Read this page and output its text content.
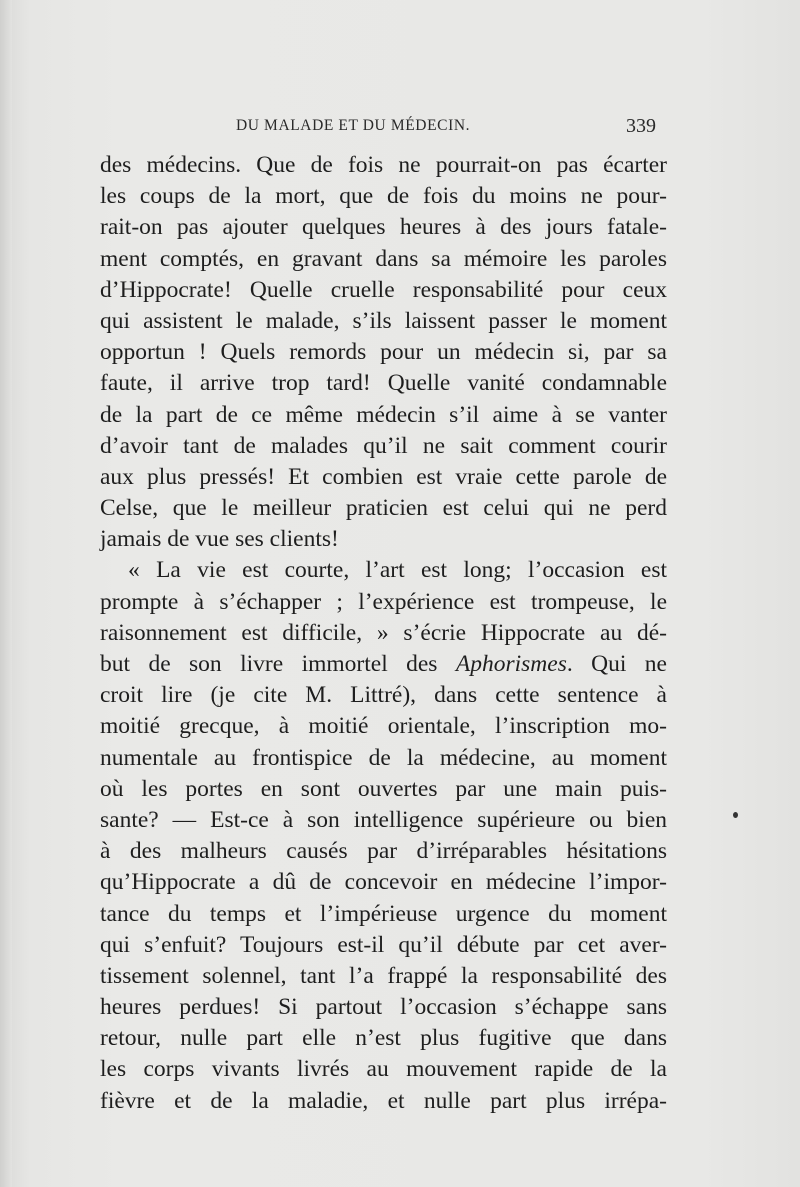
DU MALADE ET DU MÉDECIN.	339
des médecins. Que de fois ne pourrait-on pas écarter
les coups de la mort, que de fois du moins ne pour-
rait-on pas ajouter quelques heures à des jours fatale-
ment comptés, en gravant dans sa mémoire les paroles
d’Hippocrate! Quelle cruelle responsabilité pour ceux
qui assistent le malade, s’ils laissent passer le moment
opportun ! Quels remords pour un médecin si, par sa
faute, il arrive trop tard! Quelle vanité condamnable
de la part de ce même médecin s’il aime à se vanter
d’avoir tant de malades qu’il ne sait comment courir
aux plus pressés! Et combien est vraie cette parole de
Celse, que le meilleur praticien est celui qui ne perd
jamais de vue ses clients!
« La vie est courte, l’art est long; l’occasion est
prompte à s’échapper ; l’expérience est trompeuse, le
raisonnement est difficile, » s’écrie Hippocrate au dé-
but de son livre immortel des Aphorismes. Qui ne
croit lire (je cite M. Littré), dans cette sentence à
moitié grecque, à moitié orientale, l’inscription mo-
numentale au frontispice de la médecine, au moment
où les portes en sont ouvertes par une main puis-
sante? — Est-ce à son intelligence supérieure ou bien
à des malheurs causés par d’irréparables hésitations
qu’Hippocrate a dû de concevoir en médecine l’impor-
tance du temps et l’impérieuse urgence du moment
qui s’enfuit? Toujours est-il qu’il débute par cet aver-
tissement solennel, tant l’a frappé la responsabilité des
heures perdues! Si partout l’occasion s’échappe sans
retour, nulle part elle n’est plus fugitive que dans
les corps vivants livrés au mouvement rapide de la
fièvre et de la maladie, et nulle part plus irrépa-
